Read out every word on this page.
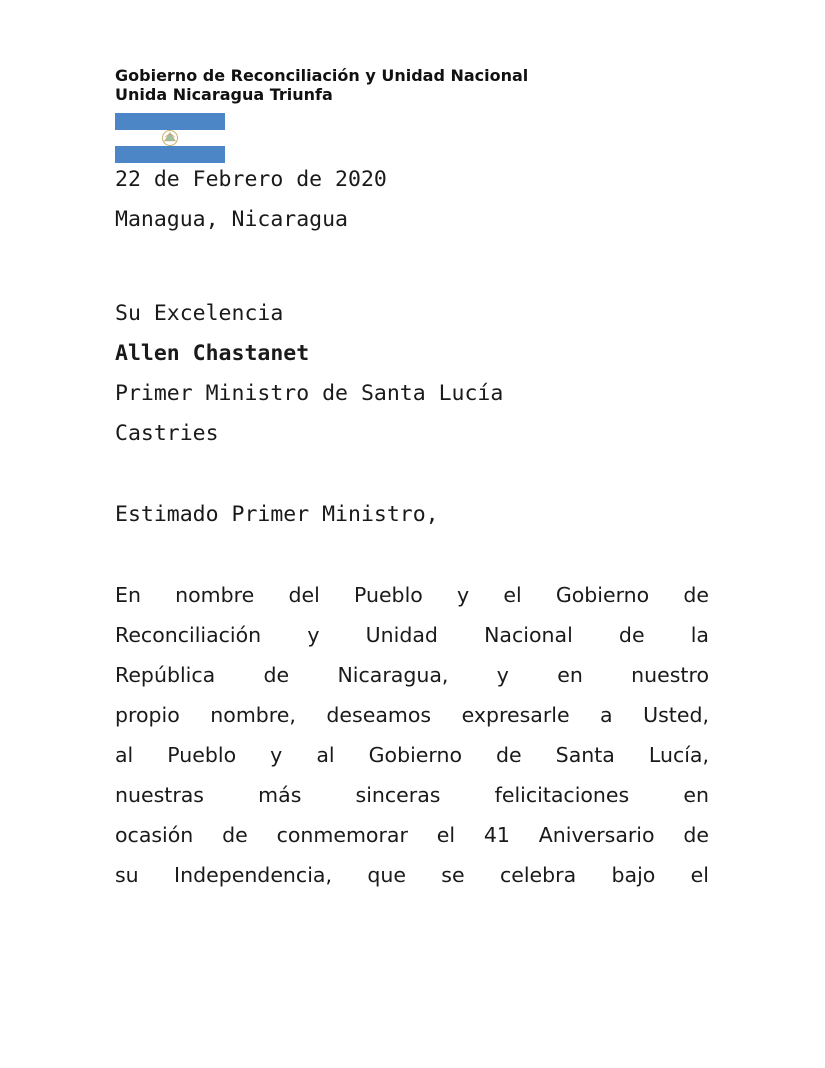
Gobierno de Reconciliación y Unidad Nacional
Unida Nicaragua Triunfa
22 de Febrero de 2020
Managua, Nicaragua
Su Excelencia
Allen Chastanet
Primer Ministro de Santa Lucía
Castries
Estimado Primer Ministro,
En nombre del Pueblo y el Gobierno de
Reconciliación y Unidad Nacional de la
República de Nicaragua, y en nuestro
propio nombre, deseamos expresarle a Usted,
al Pueblo y al Gobierno de Santa Lucía,
nuestras más sinceras felicitaciones en
ocasión de conmemorar el 41 Aniversario de
su Independencia, que se celebra bajo el
